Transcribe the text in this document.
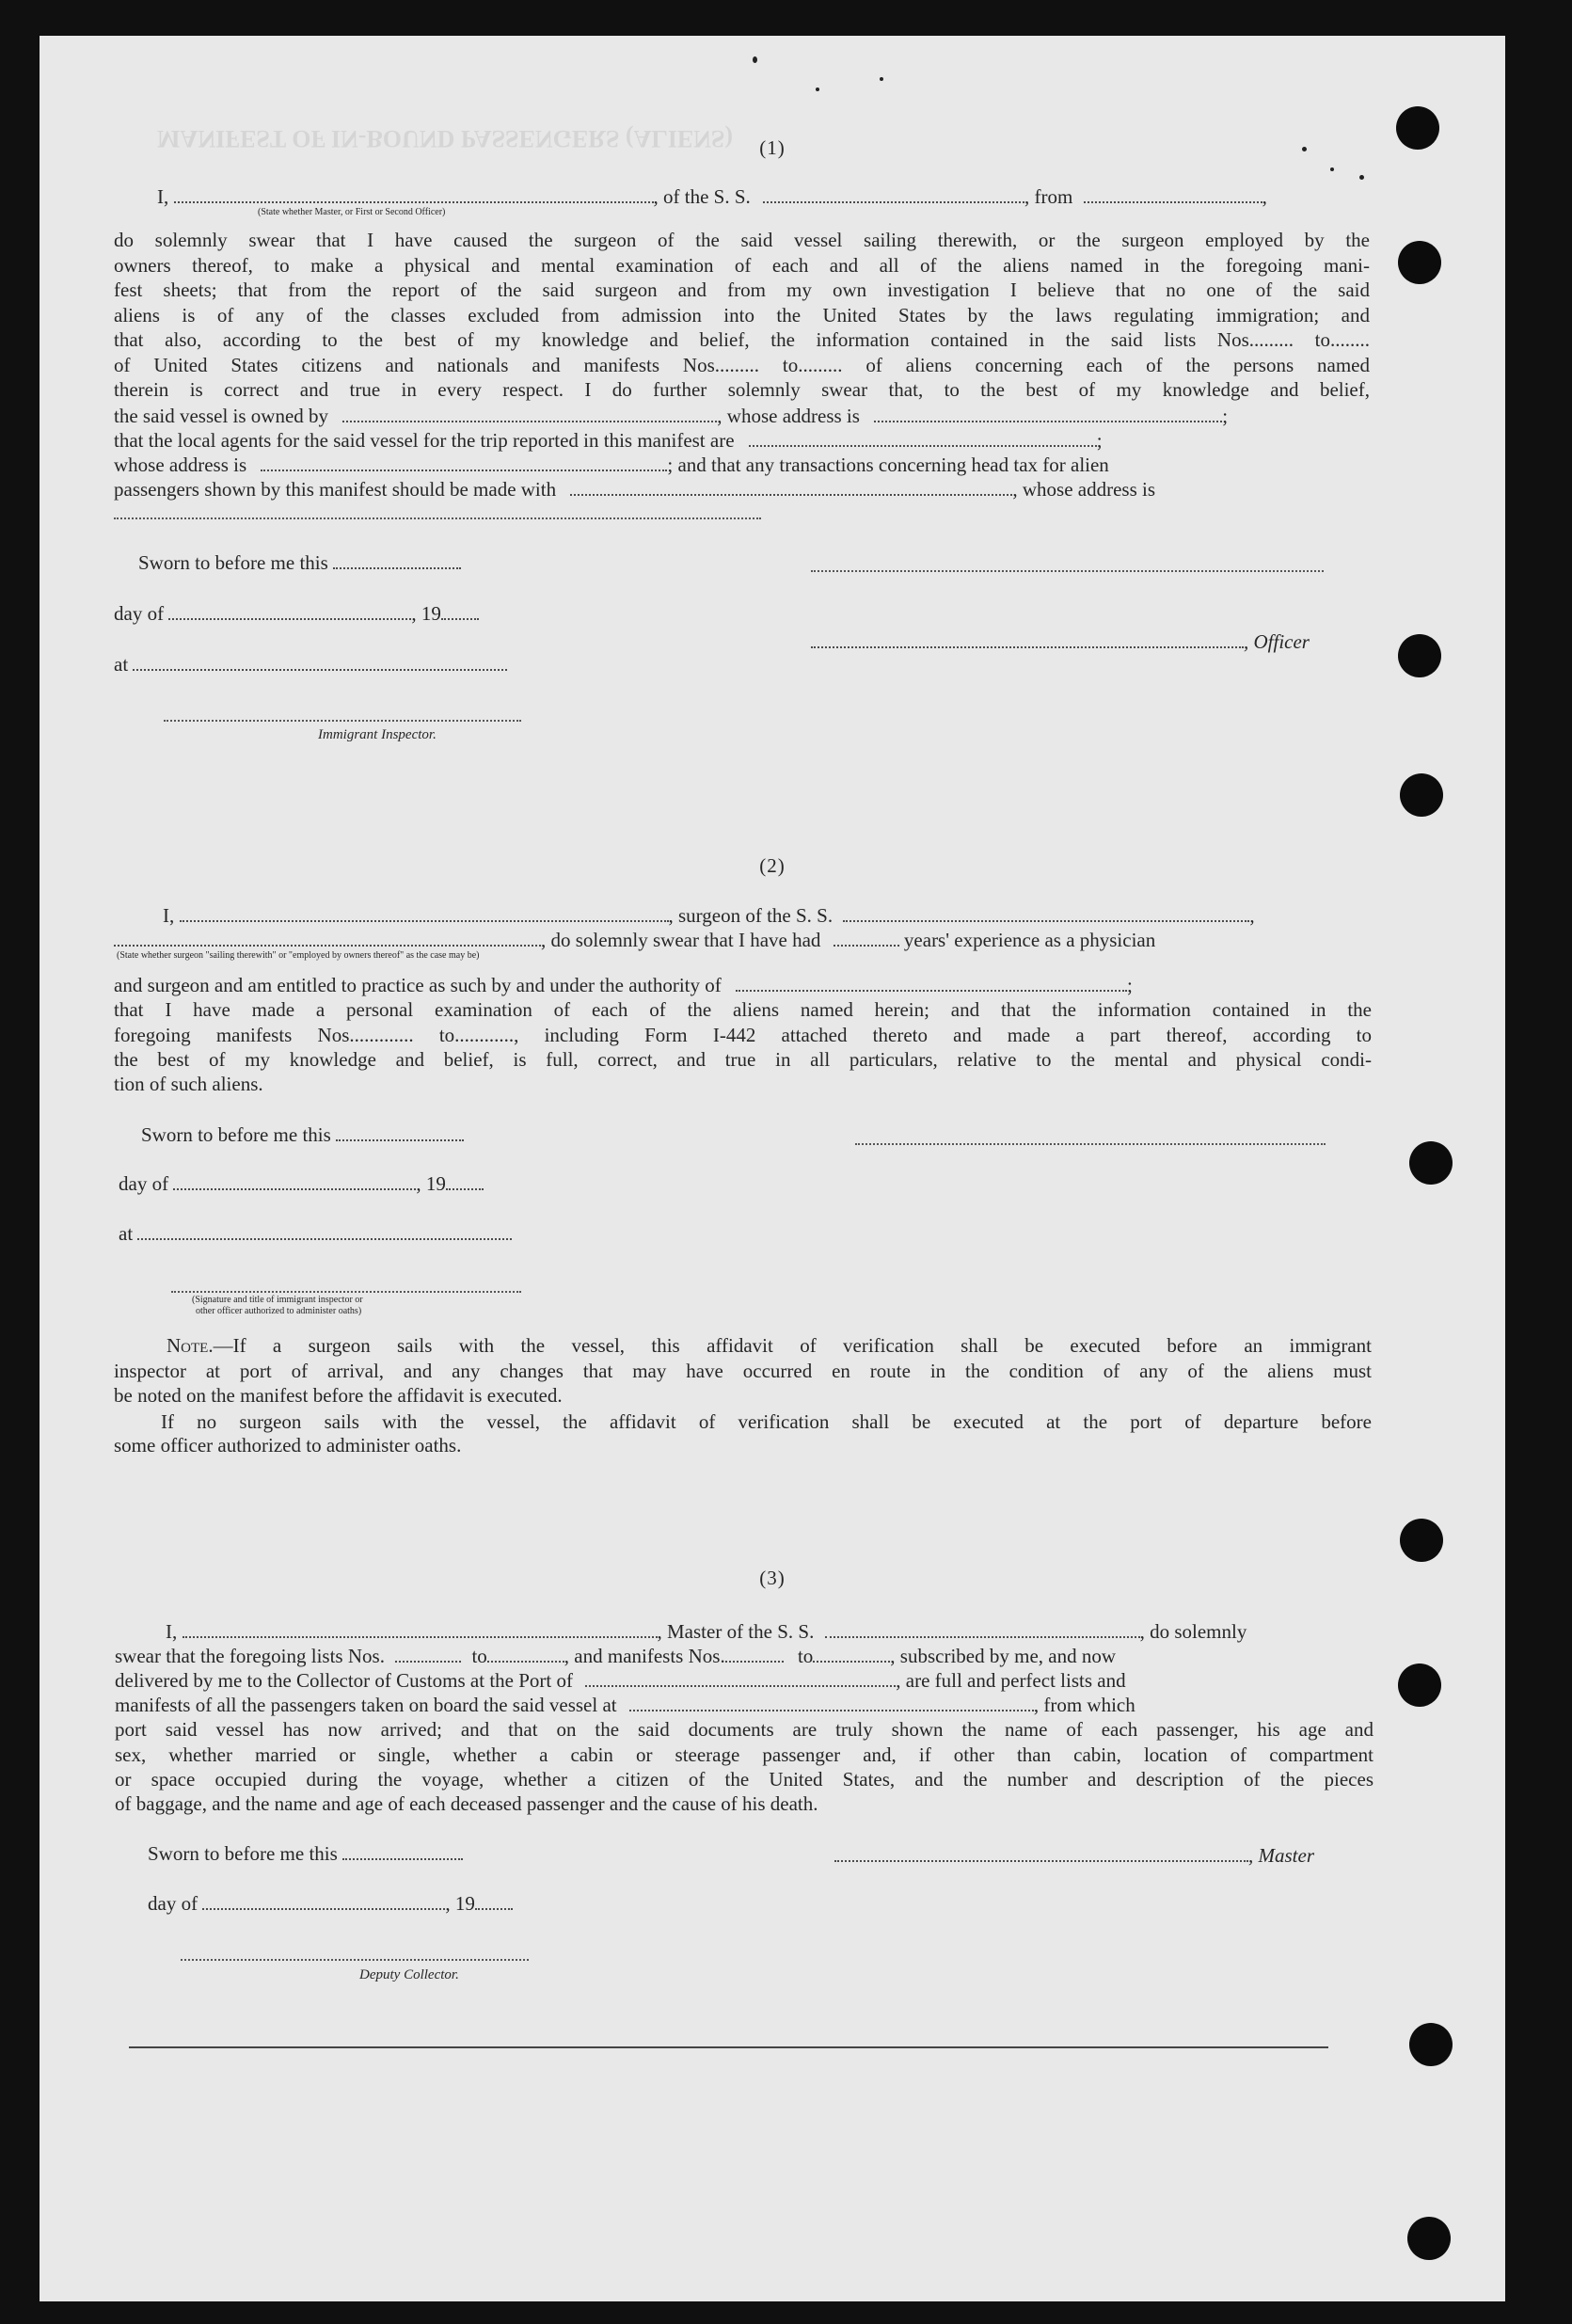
MANIFEST OF IN-BOUND PASSENGERS (ALIENS)	(1)
I,	, of the S. S.	, from	,
(State whether Master, or First or Second Officer)
do solemnly swear that I have caused the surgeon of the said vessel sailing therewith, or the surgeon employed by the
owners thereof, to make a physical and mental examination of each and all of the aliens named in the foregoing mani-
fest sheets; that from the report of the said surgeon and from my own investigation I believe that no one of the said
aliens is of any of the classes excluded from admission into the United States by the laws regulating immigration; and
that also, according to the best of my knowledge and belief, the information contained in the said lists Nos......... to........
of United States citizens and nationals and manifests Nos......... to......... of aliens concerning each of the persons named
therein is correct and true in every respect. I do further solemnly swear that, to the best of my knowledge and belief,
the said vessel is owned by	, whose address is	;
that the local agents for the said vessel for the trip reported in this manifest are	;
whose address is	; and that any transactions concerning head tax for alien
passengers shown by this manifest should be made with	, whose address is
Sworn to before me this
day of	, 19
, Officer
at
Immigrant Inspector.
(2)
I,	, surgeon of the S. S.	,
, do solemnly swear that I have had	years' experience as a physician
(State whether surgeon "sailing therewith" or "employed by owners thereof" as the case may be)
and surgeon and am entitled to practice as such by and under the authority of	;
that I have made a personal examination of each of the aliens named herein; and that the information contained in the
foregoing manifests Nos............. to............, including Form I-442 attached thereto and made a part thereof, according to
the best of my knowledge and belief, is full, correct, and true in all particulars, relative to the mental and physical condi-
tion of such aliens.
Sworn to before me this
day of	, 19
at
(Signature and title of immigrant inspector or
other officer authorized to administer oaths)
Note.—If a surgeon sails with the vessel, this affidavit of verification shall be executed before an immigrant
inspector at port of arrival, and any changes that may have occurred en route in the condition of any of the aliens must
be noted on the manifest before the affidavit is executed.
If no surgeon sails with the vessel, the affidavit of verification shall be executed at the port of departure before
some officer authorized to administer oaths.
(3)
I,	, Master of the S. S.	, do solemnly
swear that the foregoing lists Nos.	to	, and manifests Nos.	to	, subscribed by me, and now
delivered by me to the Collector of Customs at the Port of	, are full and perfect lists and
manifests of all the passengers taken on board the said vessel at	, from which
port said vessel has now arrived; and that on the said documents are truly shown the name of each passenger, his age and
sex, whether married or single, whether a cabin or steerage passenger and, if other than cabin, location of compartment
or space occupied during the voyage, whether a citizen of the United States, and the number and description of the pieces
of baggage, and the name and age of each deceased passenger and the cause of his death.
Sworn to before me this	, Master
day of	, 19
Deputy Collector.
